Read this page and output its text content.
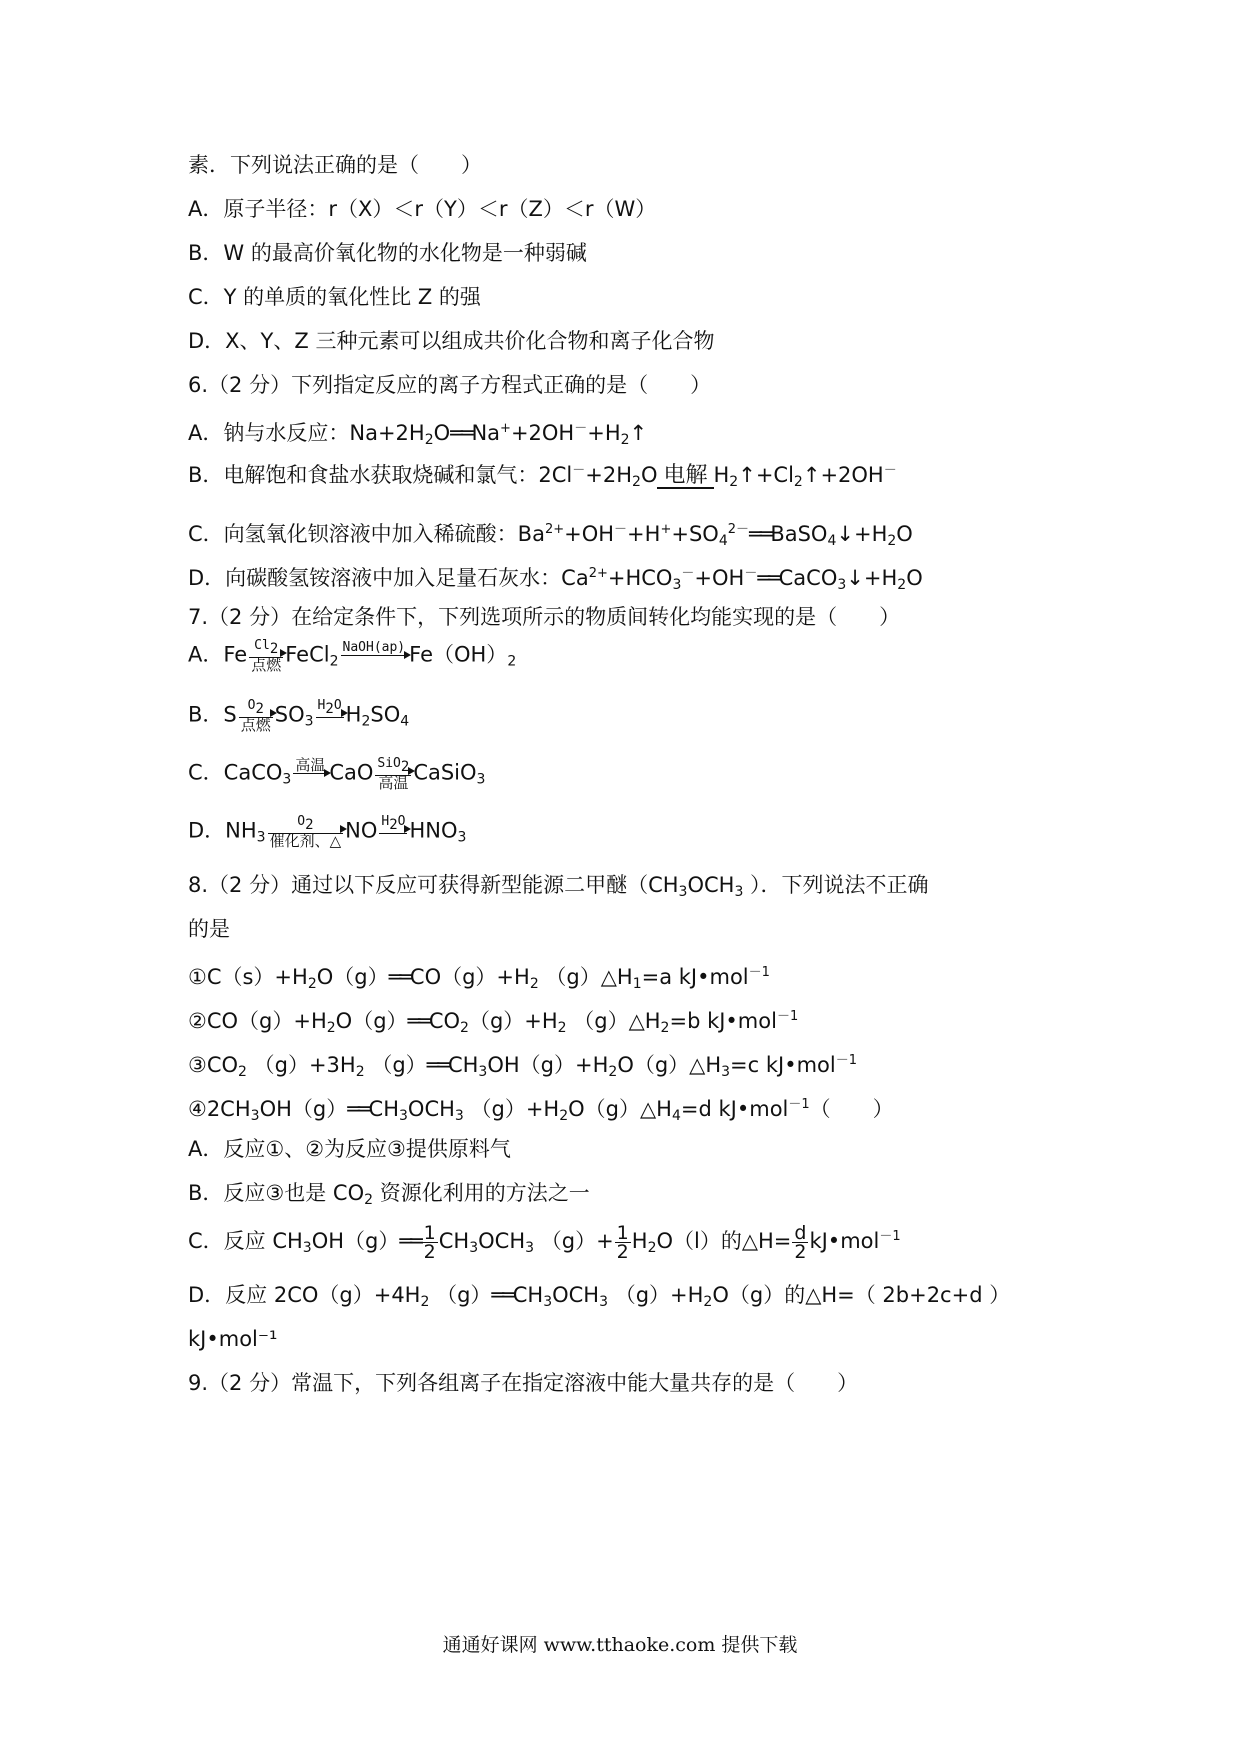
素．下列说法正确的是（　　）
A．原子半径：r（X）＜r（Y）＜r（Z）＜r（W）
B．W 的最高价氧化物的水化物是一种弱碱
C．Y 的单质的氧化性比 Z 的强
D．X、Y、Z 三种元素可以组成共价化合物和离子化合物
6.（2 分）下列指定反应的离子方程式正确的是（　　）
A．钠与水反应：$Na+2H_2O══Na^++2OH^-+H_2↑$
B．电解饱和食盐水获取烧碱和氯气：$2Cl^-+2H_2O$ 电解 $H_2↑+Cl_2↑+2OH^-$
C．向氢氧化钡溶液中加入稀硫酸：$Ba^{2+}+OH^-+H^++SO_4^{2-}══BaSO_4↓+H_2O$
D．向碳酸氢铵溶液中加入足量石灰水：$Ca^{2+}+HCO_3^-+OH^-══CaCO_3↓+H_2O$
7.（2 分）在给定条件下，下列选项所示的物质间转化均能实现的是（　　）
A．Fe $Cl_2$
点燃 FeCl$_2$
NaOH(ap)
$Fe(OH)_2$
B．S $O_2$
点燃 $SO_3$
$H_2O$
$H_2SO_4$
C．CaCO$_3$
高温
CaO SiO$_2$
高温 CaSiO$_3$
D．$NH_3$
$O_2$
催化剂、△ NO $H_2O$
$HNO_3$
8.（2 分）通过以下反应可获得新型能源二甲醚（$CH_3OCH_3$ ）．下列说法不正确
的是
$①C(s)+H_2O(g)══CO(g)+H_2$ $(g)\triangle H_1=a$ kJ•mol$^{-1}$
$②CO(g)+H_2O(g)══CO_2(g)+H_2$ $(g)\triangle H_2=b$ kJ•mol$^{-1}$
$③CO_2$ $(g)+3H_2$ $(g)══CH_3OH(g)+H_2O(g)\triangle H_3=c$ kJ•mol$^{-1}$
$④2CH_3OH(g)══CH_3OCH_3$ $(g)+H_2O(g)\triangle H_4=d$ kJ•mol$^{-1}$（　　）
A．反应①、②为反应③提供原料气
B．反应③也是 $CO_2$ 资源化利用的方法之一
C．反应 $CH_3OH(g)══ \frac{1}{2} CH_3OCH_3$ $(g)+ \frac{1}{2} H_2O(l)$的△H= $\frac{d}{2}$ kJ•mol$^{-1}$
D．反应 $2CO(g)+4H_2$ $(g)══CH_3OCH_3$ $(g)+H_2O(g)$的△H=（ 2b+2c+d ）
kJ•mol⁻¹
9.（2 分）常温下，下列各组离子在指定溶液中能大量共存的是（　　）
通通好课网 www.tthaoke.com 提供下载
